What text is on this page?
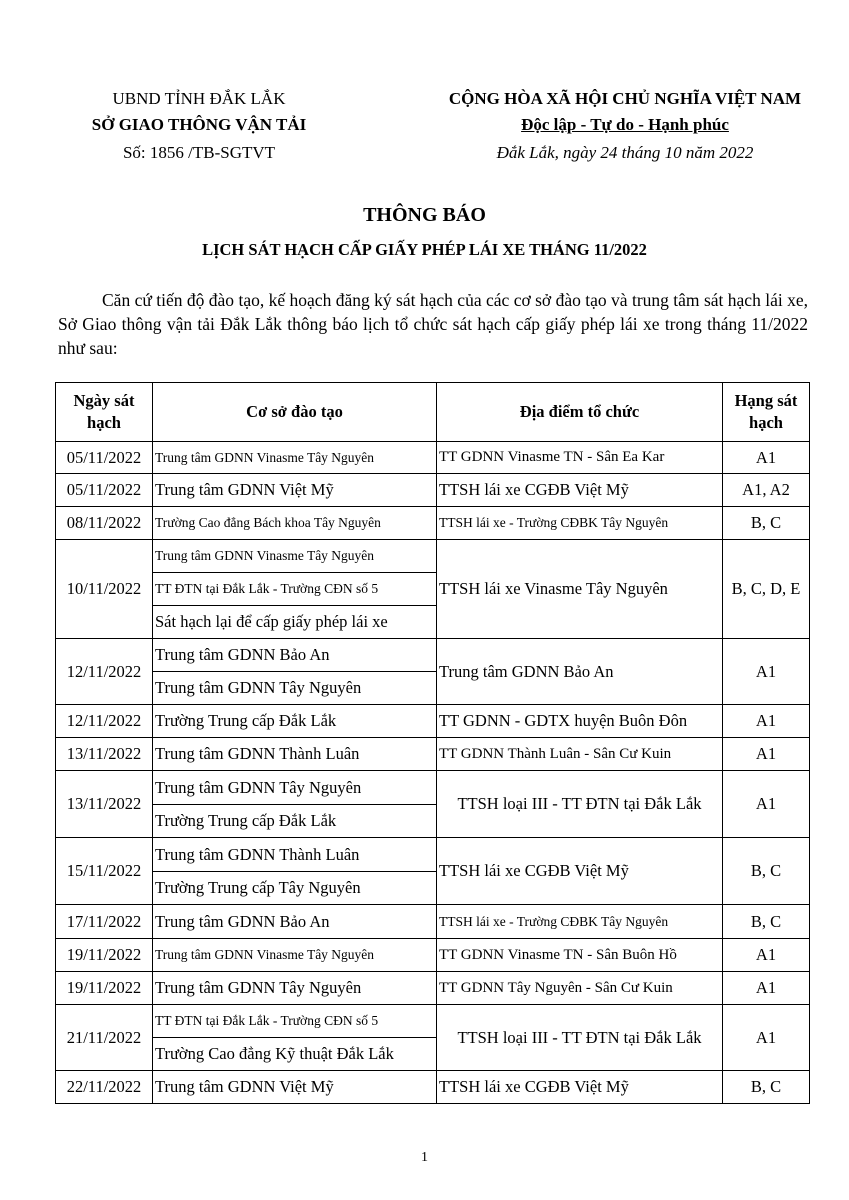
UBND TỈNH ĐẮK LẮK
SỞ GIAO THÔNG VẬN TẢI
Số: 1856 /TB-SGTVT
CỘNG HÒA XÃ HỘI CHỦ NGHĨA VIỆT NAM
Độc lập - Tự do - Hạnh phúc
Đắk Lắk, ngày 24 tháng 10 năm 2022
THÔNG BÁO
LỊCH SÁT HẠCH CẤP GIẤY PHÉP LÁI XE THÁNG 11/2022
Căn cứ tiến độ đào tạo, kế hoạch đăng ký sát hạch của các cơ sở đào tạo và trung tâm sát hạch lái xe, Sở Giao thông vận tải Đắk Lắk thông báo lịch tổ chức sát hạch cấp giấy phép lái xe trong tháng 11/2022 như sau:
Ngày sát hạch	Cơ sở đào tạo	Địa điểm tổ chức	Hạng sát hạch
05/11/2022	Trung tâm GDNN Vinasme Tây Nguyên	TT GDNN Vinasme TN - Sân Ea Kar	A1
05/11/2022	Trung tâm GDNN Việt Mỹ	TTSH lái xe CGĐB Việt Mỹ	A1, A2
08/11/2022	Trường Cao đẳng Bách khoa Tây Nguyên	TTSH lái xe - Trường CĐBK Tây Nguyên	B, C
10/11/2022	Trung tâm GDNN Vinasme Tây Nguyên	TTSH lái xe Vinasme Tây Nguyên	B, C, D, E
	TT ĐTN tại Đắk Lắk - Trường CĐN số 5		
	Sát hạch lại để cấp giấy phép lái xe		
12/11/2022	Trung tâm GDNN Bảo An	Trung tâm GDNN Bảo An	A1
	Trung tâm GDNN Tây Nguyên		
12/11/2022	Trường Trung cấp Đắk Lắk	TT GDNN - GDTX huyện Buôn Đôn	A1
13/11/2022	Trung tâm GDNN Thành Luân	TT GDNN Thành Luân - Sân Cư Kuin	A1
13/11/2022	Trung tâm GDNN Tây Nguyên	TTSH loại III - TT ĐTN tại Đắk Lắk	A1
	Trường Trung cấp Đắk Lắk		
15/11/2022	Trung tâm GDNN Thành Luân	TTSH lái xe CGĐB Việt Mỹ	B, C
	Trường Trung cấp Tây Nguyên		
17/11/2022	Trung tâm GDNN Bảo An	TTSH lái xe - Trường CĐBK Tây Nguyên	B, C
19/11/2022	Trung tâm GDNN Vinasme Tây Nguyên	TT GDNN Vinasme TN - Sân Buôn Hồ	A1
19/11/2022	Trung tâm GDNN Tây Nguyên	TT GDNN Tây Nguyên - Sân Cư Kuin	A1
21/11/2022	TT ĐTN tại Đắk Lắk - Trường CĐN số 5	TTSH loại III - TT ĐTN tại Đắk Lắk	A1
	Trường Cao đẳng Kỹ thuật Đắk Lắk		
22/11/2022	Trung tâm GDNN Việt Mỹ	TTSH lái xe CGĐB Việt Mỹ	B, C
1
